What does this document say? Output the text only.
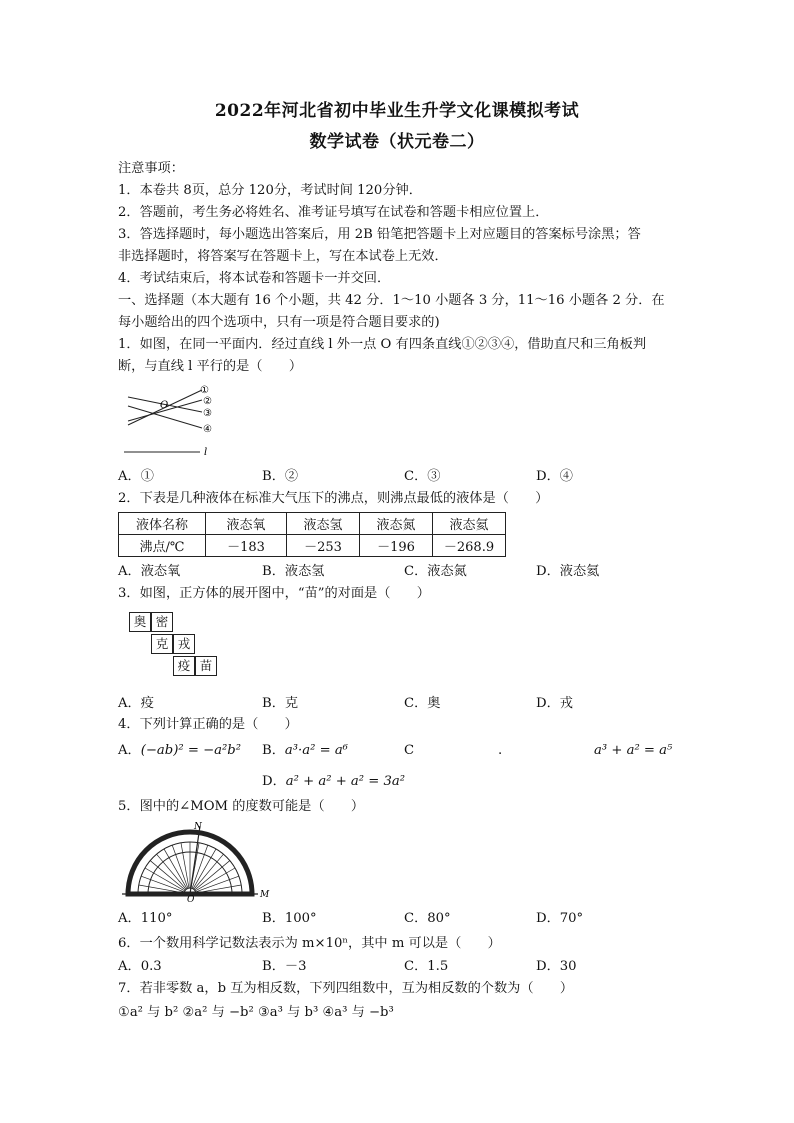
2022年河北省初中毕业生升学文化课模拟考试
数学试卷（状元卷二）
注意事项：
1．本卷共 8页，总分 120分，考试时间 120分钟．
2．答题前，考生务必将姓名、准考证号填写在试卷和答题卡相应位置上．
3．答选择题时，每小题选出答案后，用 2B 铅笔把答题卡上对应题目的答案标号涂黑；答
非选择题时，将答案写在答题卡上，写在本试卷上无效．
4．考试结束后，将本试卷和答题卡一并交回．
一、选择题（本大题有 16 个小题，共 42 分．1～10 小题各 3 分，11～16 小题各 2 分．在
每小题给出的四个选项中，只有一项是符合题目要求的)
1．如图，在同一平面内．经过直线 l 外一点 O 有四条直线①②③④，借助直尺和三角板判
断，与直线 l 平行的是（　　）
O
①
②
③
④
l
A．①	B．②	C．③	D．④
2．下表是几种液体在标准大气压下的沸点，则沸点最低的液体是（　　）
液体名称	液态氧	液态氢	液态氮	液态氦
沸点/℃	－183	－253	－196	－268.9
A．液态氧	B．液态氢	C．液态氮	D．液态氦
3．如图，正方体的展开图中，“苗”的对面是（　　）
奥 密
克 戎
疫 苗
A．疫	B．克	C．奥	D．戎
4．下列计算正确的是（　　）
A．(−ab)² = −a²b² B．a³·a² = a⁶	C	.	a³ + a² = a⁵
D．a² + a² + a² = 3a²
5．图中的∠MOM 的度数可能是（　　）
N
O	M
A．110°	B．100°	C．80°	D．70°
6．一个数用科学记数法表示为 m×10ⁿ，其中 m 可以是（　　）
A．0.3	B．－3	C．1.5	D．30
7．若非零数 a，b 互为相反数，下列四组数中，互为相反数的个数为（　　）
①a² 与 b² ②a² 与 −b² ③a³ 与 b³ ④a³ 与 −b³
